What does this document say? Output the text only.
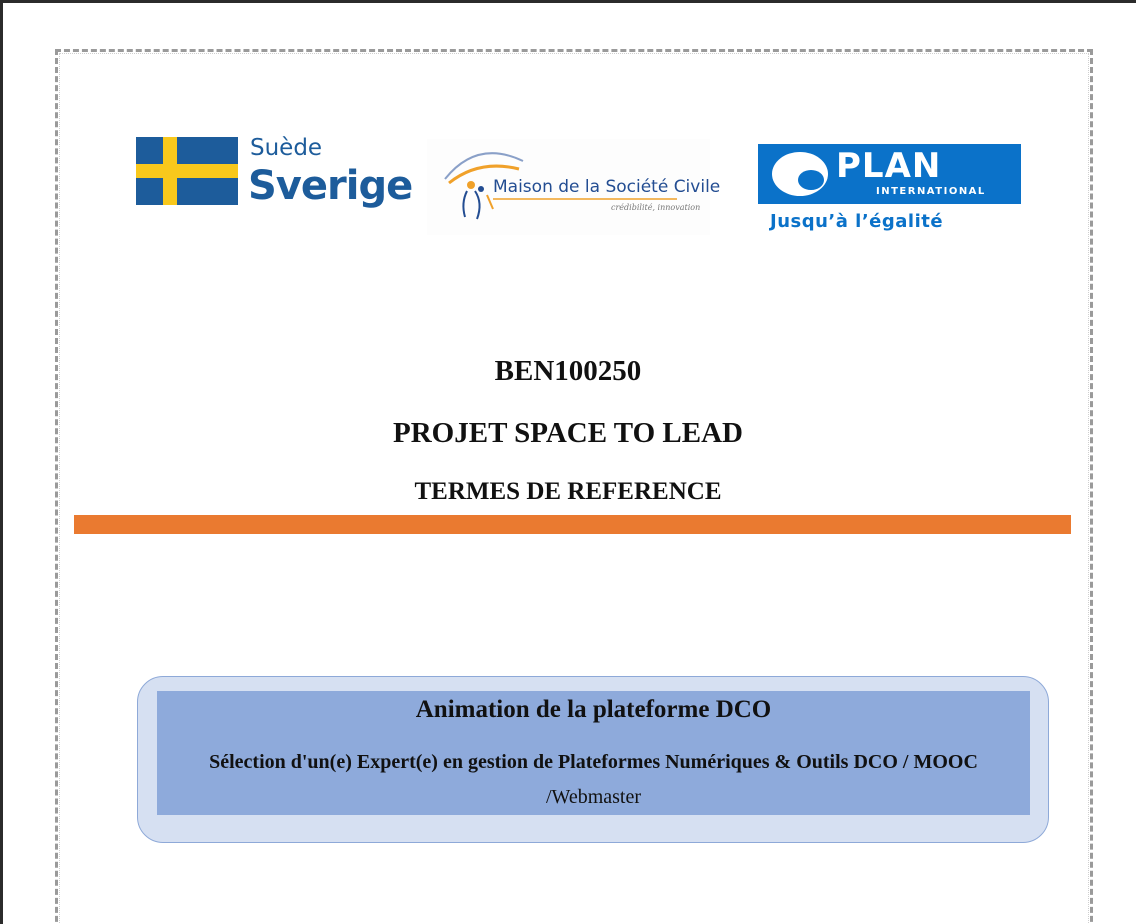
Suède
Sverige	Maison de la Société Civile
crédibilité, innovation
PLAN
INTERNATIONAL
Jusqu’à l’égalité
BEN100250
PROJET SPACE TO LEAD
TERMES DE REFERENCE
Animation de la plateforme DCO
Sélection d'un(e) Expert(e) en gestion de Plateformes Numériques & Outils DCO / MOOC
/Webmaster
